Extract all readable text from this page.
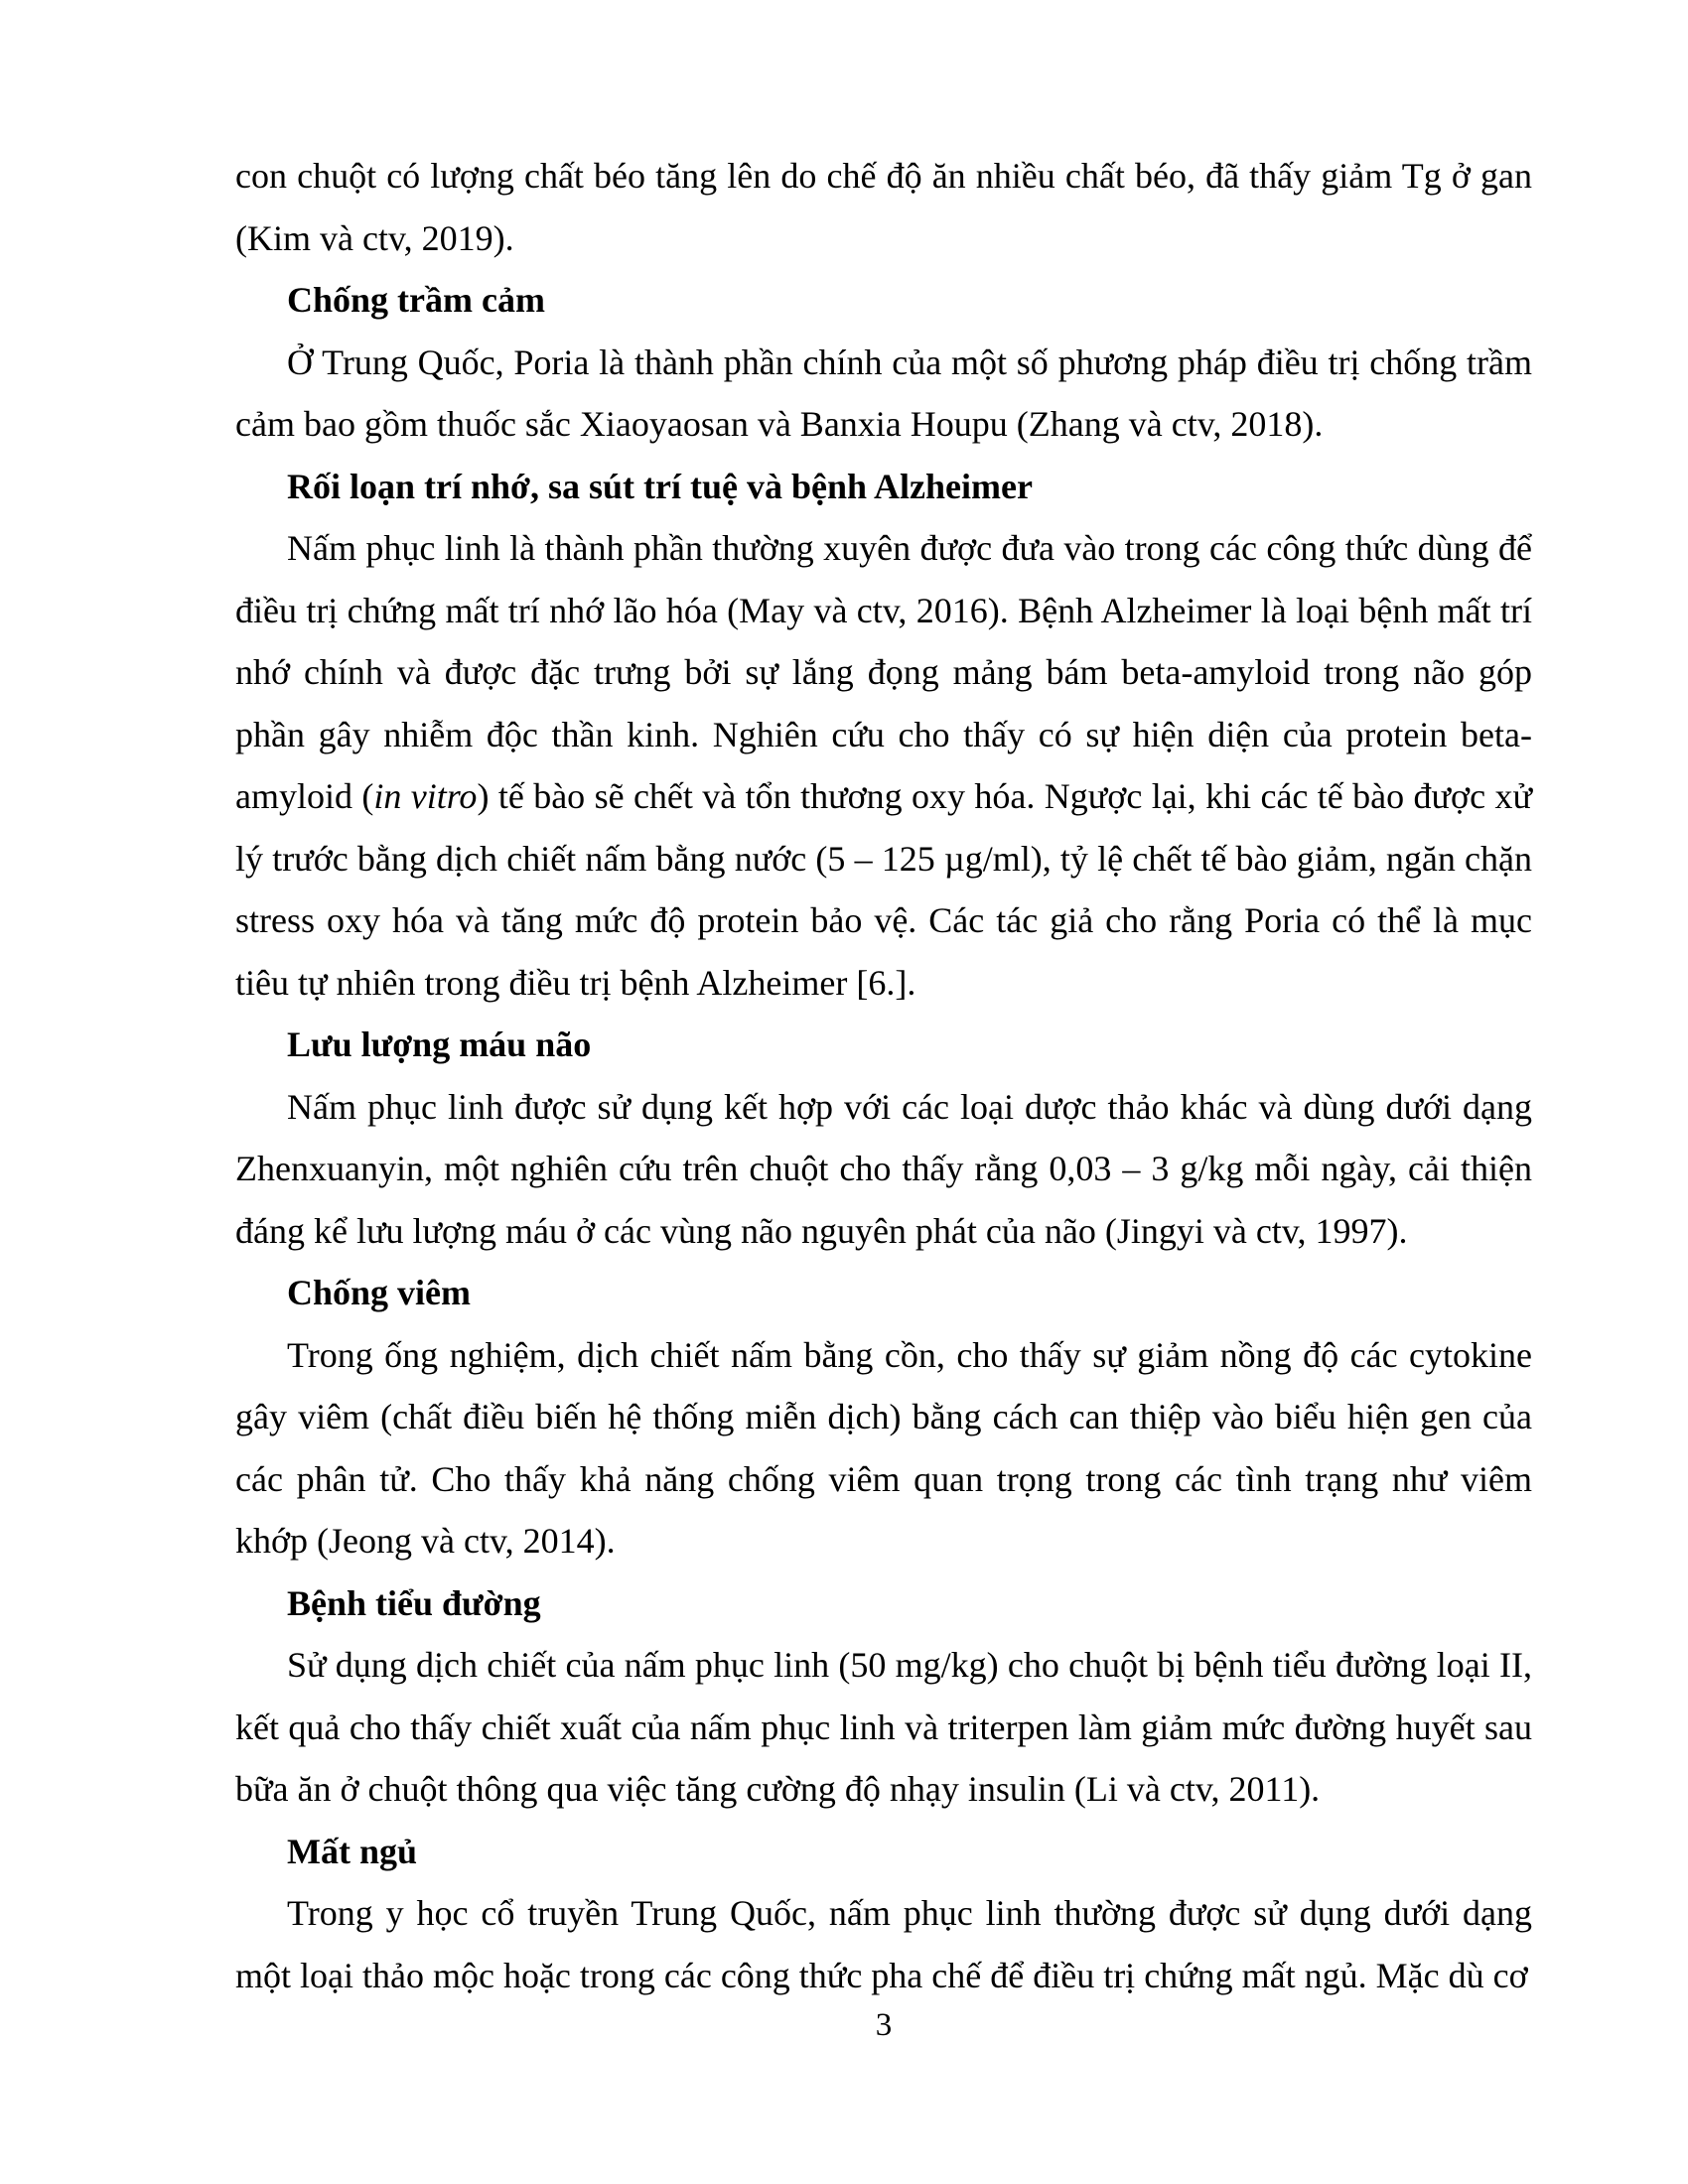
con chuột có lượng chất béo tăng lên do chế độ ăn nhiều chất béo, đã thấy giảm Tg ở gan (Kim và ctv, 2019).

Chống trầm cảm

Ở Trung Quốc, Poria là thành phần chính của một số phương pháp điều trị chống trầm cảm bao gồm thuốc sắc Xiaoyaosan và Banxia Houpu (Zhang và ctv, 2018).

Rối loạn trí nhớ, sa sút trí tuệ và bệnh Alzheimer

Nấm phục linh là thành phần thường xuyên được đưa vào trong các công thức dùng để điều trị chứng mất trí nhớ lão hóa (May và ctv, 2016). Bệnh Alzheimer là loại bệnh mất trí nhớ chính và được đặc trưng bởi sự lắng đọng mảng bám beta-amyloid trong não góp phần gây nhiễm độc thần kinh. Nghiên cứu cho thấy có sự hiện diện của protein beta-amyloid (in vitro) tế bào sẽ chết và tổn thương oxy hóa. Ngược lại, khi các tế bào được xử lý trước bằng dịch chiết nấm bằng nước (5 – 125 µg/ml), tỷ lệ chết tế bào giảm, ngăn chặn stress oxy hóa và tăng mức độ protein bảo vệ. Các tác giả cho rằng Poria có thể là mục tiêu tự nhiên trong điều trị bệnh Alzheimer [6.].

Lưu lượng máu não

Nấm phục linh được sử dụng kết hợp với các loại dược thảo khác và dùng dưới dạng Zhenxuanyin, một nghiên cứu trên chuột cho thấy rằng 0,03 – 3 g/kg mỗi ngày, cải thiện đáng kể lưu lượng máu ở các vùng não nguyên phát của não (Jingyi và ctv, 1997).

Chống viêm

Trong ống nghiệm, dịch chiết nấm bằng cồn, cho thấy sự giảm nồng độ các cytokine gây viêm (chất điều biến hệ thống miễn dịch) bằng cách can thiệp vào biểu hiện gen của các phân tử. Cho thấy khả năng chống viêm quan trọng trong các tình trạng như viêm khớp (Jeong và ctv, 2014).

Bệnh tiểu đường

Sử dụng dịch chiết của nấm phục linh (50 mg/kg) cho chuột bị bệnh tiểu đường loại II, kết quả cho thấy chiết xuất của nấm phục linh và triterpen làm giảm mức đường huyết sau bữa ăn ở chuột thông qua việc tăng cường độ nhạy insulin (Li và ctv, 2011).

Mất ngủ

Trong y học cổ truyền Trung Quốc, nấm phục linh thường được sử dụng dưới dạng một loại thảo mộc hoặc trong các công thức pha chế để điều trị chứng mất ngủ. Mặc dù cơ

3
